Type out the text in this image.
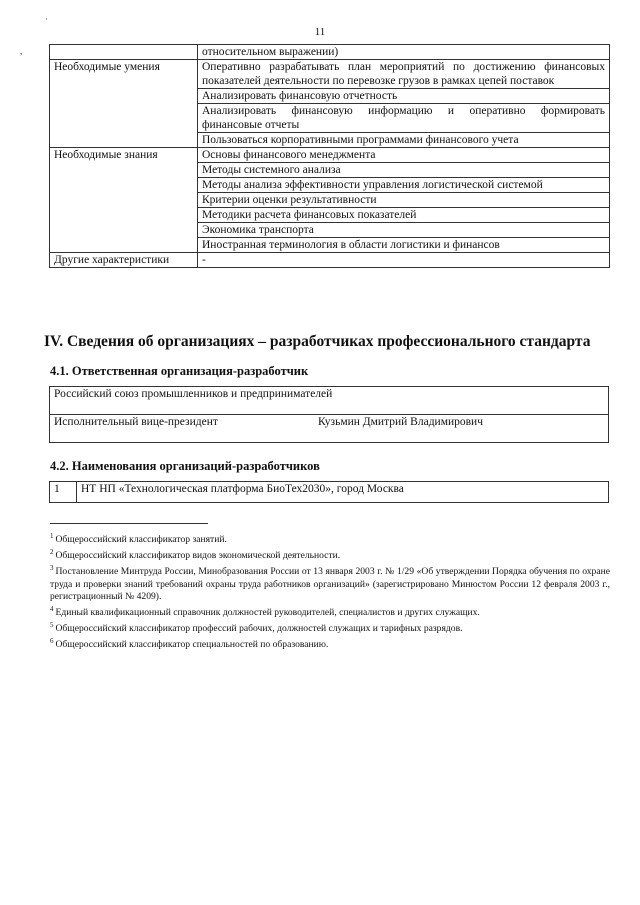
·
,
11
	относительном выражении)
Необходимые умения	Оперативно разрабатывать план мероприятий по достижению финансовых показателей деятельности по перевозке грузов в рамках цепей поставок
	Анализировать финансовую отчетность
	Анализировать финансовую информацию и оперативно формировать финансовые отчеты
	Пользоваться корпоративными программами финансового учета
Необходимые знания	Основы финансового менеджмента
	Методы системного анализа
	Методы анализа эффективности управления логистической системой
	Критерии оценки результативности
	Методики расчета финансовых показателей
	Экономика транспорта
	Иностранная терминология в области логистики и финансов
Другие характеристики	-
IV. Сведения об организациях – разработчиках профессионального стандарта
4.1. Ответственная организация-разработчик
Российский союз промышленников и предпринимателей
Исполнительный вице-президент	Кузьмин Дмитрий Владимирович
4.2. Наименования организаций-разработчиков
1	НТ НП «Технологическая платформа БиоТех2030», город Москва

$^1$ Общероссийский классификатор занятий.

$^2$ Общероссийский классификатор видов экономической деятельности.

$^3$ Постановление Минтруда России, Минобразования России от 13 января 2003 г. № 1/29 «Об утверждении Порядка обучения по охране труда и проверки знаний требований охраны труда работников организаций» (зарегистрировано Минюстом России 12 февраля 2003 г., регистрационный № 4209).

$^4$ Единый квалификационный справочник должностей руководителей, специалистов и других служащих.

$^5$ Общероссийский классификатор профессий рабочих, должностей служащих и тарифных разрядов.

$^6$ Общероссийский классификатор специальностей по образованию.
